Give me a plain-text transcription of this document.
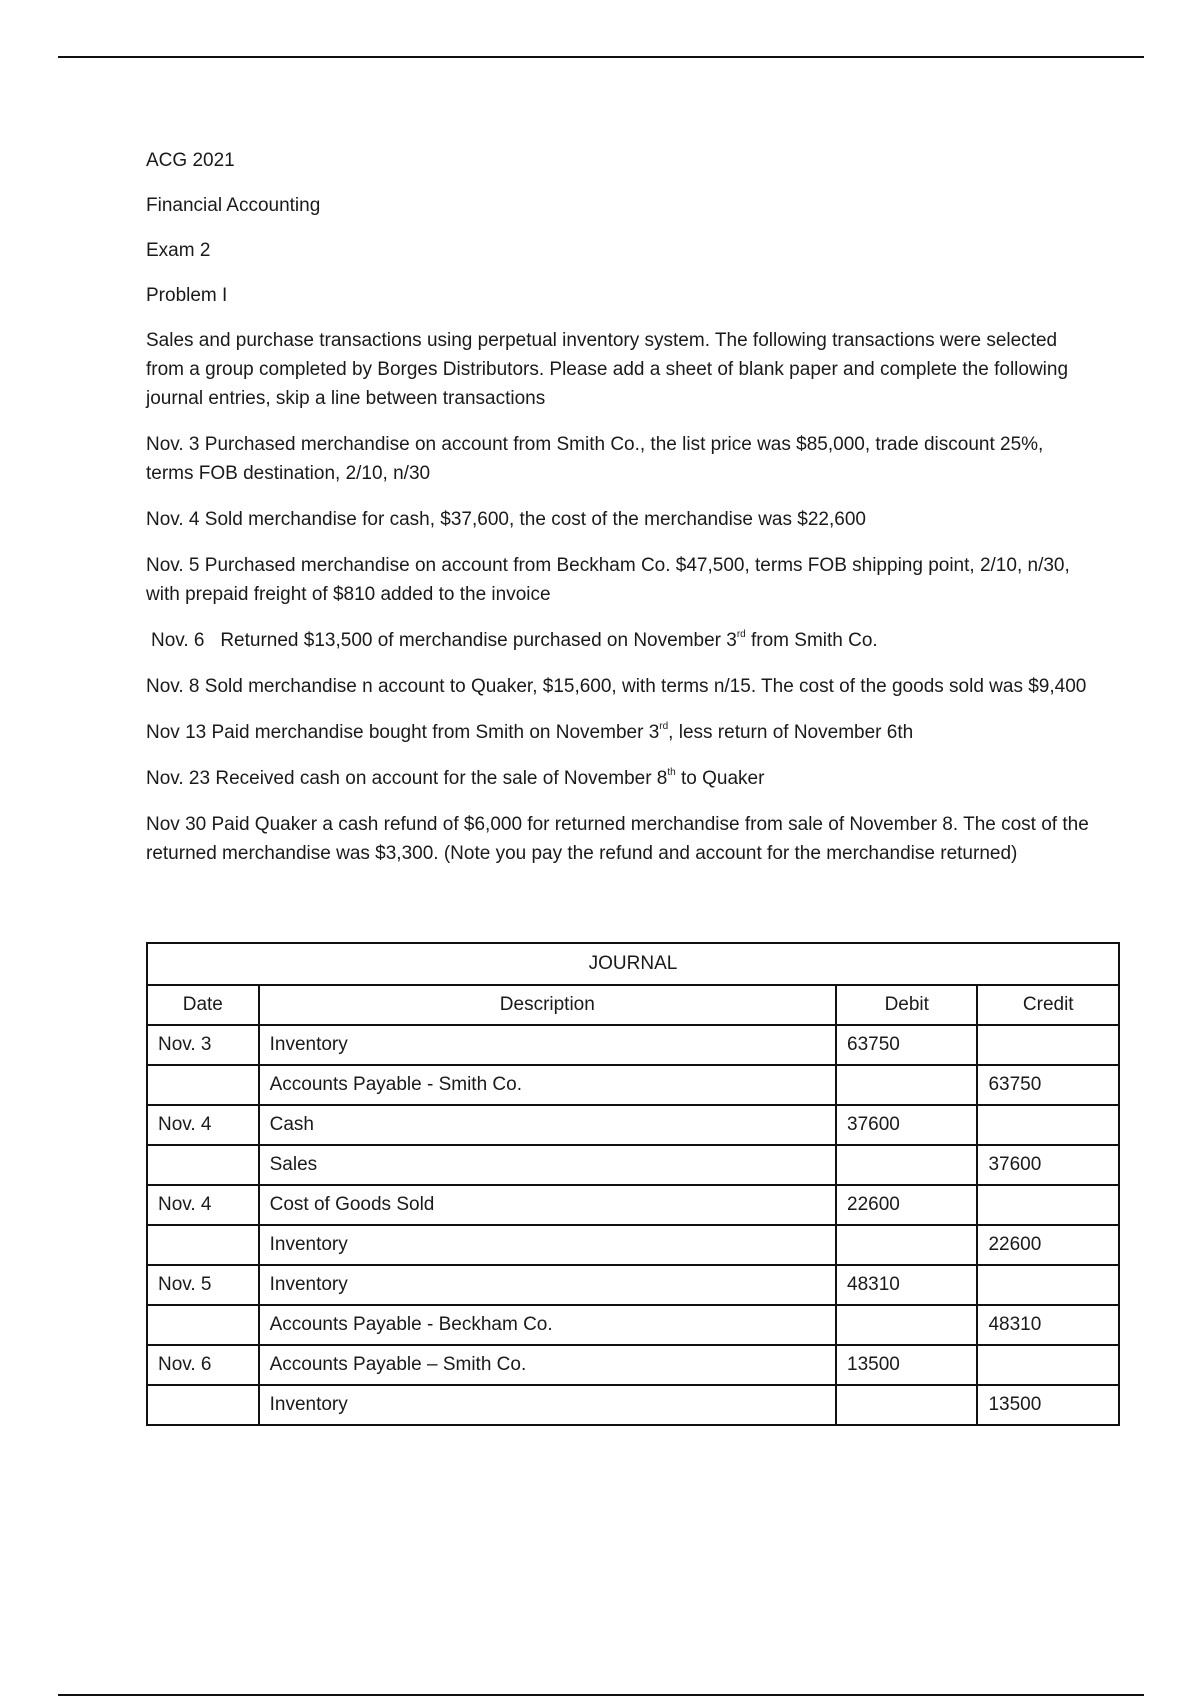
ACG 2021

Financial Accounting

Exam 2

Problem I

Sales and purchase transactions using perpetual inventory system. The following transactions were selected from a group completed by Borges Distributors. Please add a sheet of blank paper and complete the following journal entries, skip a line between transactions

Nov. 3 Purchased merchandise on account from Smith Co., the list price was $85,000, trade discount 25%, terms FOB destination, 2/10, n/30

Nov. 4 Sold merchandise for cash, $37,600, the cost of the merchandise was $22,600

Nov. 5 Purchased merchandise on account from Beckham Co. $47,500, terms FOB shipping point, 2/10, n/30, with prepaid freight of $810 added to the invoice

Nov. 6   Returned $13,500 of merchandise purchased on November 3rd from Smith Co.

Nov. 8 Sold merchandise n account to Quaker, $15,600, with terms n/15. The cost of the goods sold was $9,400

Nov 13 Paid merchandise bought from Smith on November 3rd, less return of November 6th

Nov. 23 Received cash on account for the sale of November 8th to Quaker

Nov 30 Paid Quaker a cash refund of $6,000 for returned merchandise from sale of November 8. The cost of the returned merchandise was $3,300. (Note you pay the refund and account for the merchandise returned)

JOURNAL			
Date	Description	Debit	Credit
Nov. 3	Inventory	63750	
	Accounts Payable - Smith Co.		63750
Nov. 4	Cash	37600	
	Sales		37600
Nov. 4	Cost of Goods Sold	22600	
	Inventory		22600
Nov. 5	Inventory	48310	
	Accounts Payable - Beckham Co.		48310
Nov. 6	Accounts Payable – Smith Co.	13500	
	Inventory		13500
